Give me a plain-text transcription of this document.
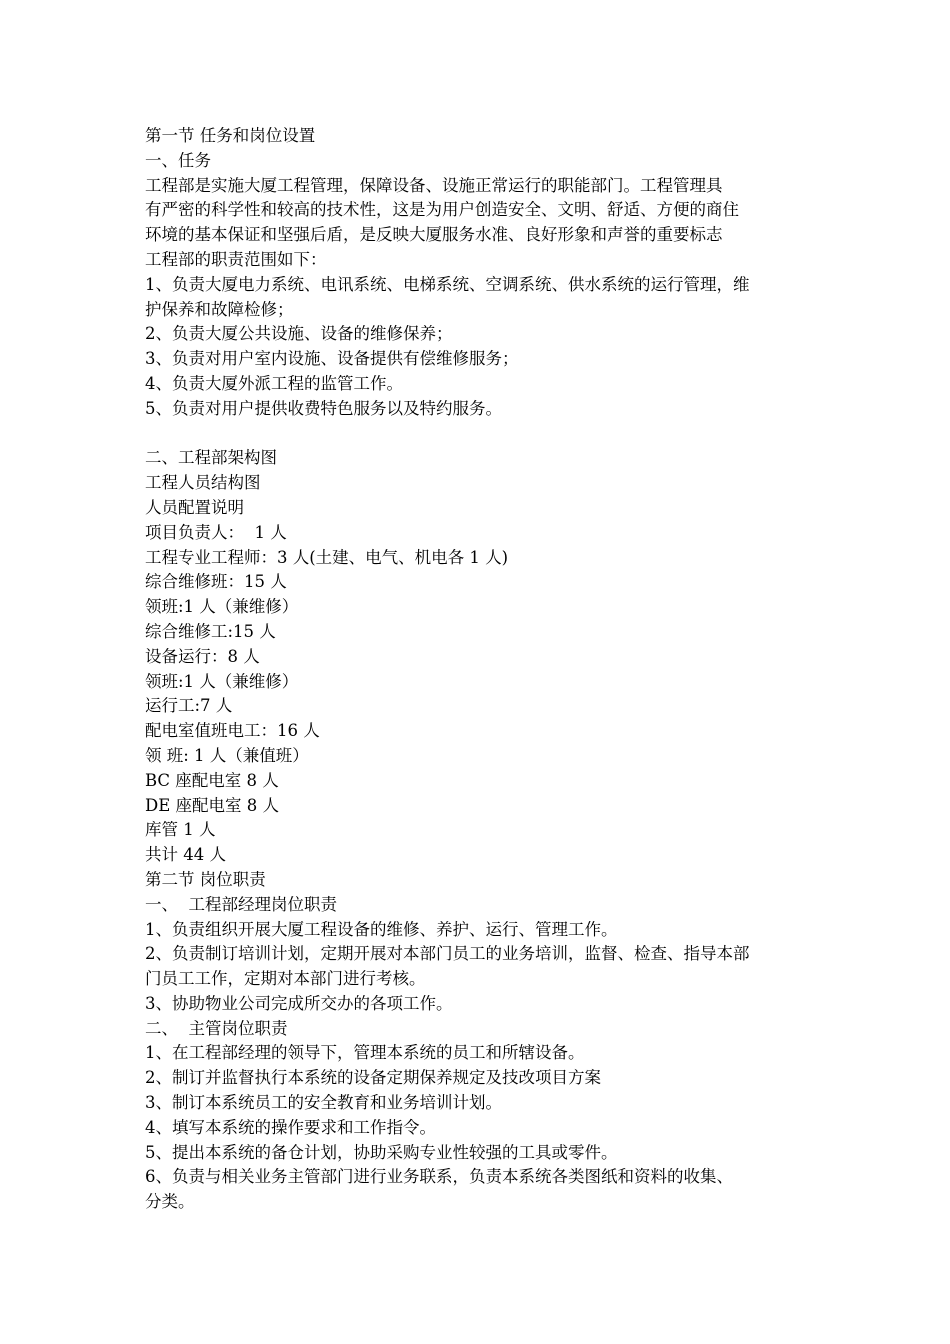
第一节 任务和岗位设置
一、任务
工程部是实施大厦工程管理，保障设备、设施正常运行的职能部门。工程管理具
有严密的科学性和较高的技术性，这是为用户创造安全、文明、舒适、方便的商住
环境的基本保证和坚强后盾，是反映大厦服务水准、良好形象和声誉的重要标志
工程部的职责范围如下：
1、负责大厦电力系统、电讯系统、电梯系统、空调系统、供水系统的运行管理，维
护保养和故障检修；
2、负责大厦公共设施、设备的维修保养；
3、负责对用户室内设施、设备提供有偿维修服务；
4、负责大厦外派工程的监管工作。
5、负责对用户提供收费特色服务以及特约服务。
二、工程部架构图
工程人员结构图
人员配置说明
项目负责人：  1 人
工程专业工程师：3 人(土建、电气、机电各 1 人)
综合维修班：15 人
领班:1 人（兼维修）
综合维修工:15 人
设备运行：8 人
领班:1 人（兼维修）
运行工:7 人
配电室值班电工：16 人
领 班: 1 人（兼值班）
BC 座配电室 8 人
DE 座配电室 8 人
库管 1 人
共计 44 人
第二节 岗位职责
一、  工程部经理岗位职责
1、负责组织开展大厦工程设备的维修、养护、运行、管理工作。
2、负责制订培训计划，定期开展对本部门员工的业务培训，监督、检查、指导本部
门员工工作，定期对本部门进行考核。
3、协助物业公司完成所交办的各项工作。
二、  主管岗位职责
1、在工程部经理的领导下，管理本系统的员工和所辖设备。
2、制订并监督执行本系统的设备定期保养规定及技改项目方案
3、制订本系统员工的安全教育和业务培训计划。
4、填写本系统的操作要求和工作指令。
5、提出本系统的备仓计划，协助采购专业性较强的工具或零件。
6、负责与相关业务主管部门进行业务联系，负责本系统各类图纸和资料的收集、
分类。
